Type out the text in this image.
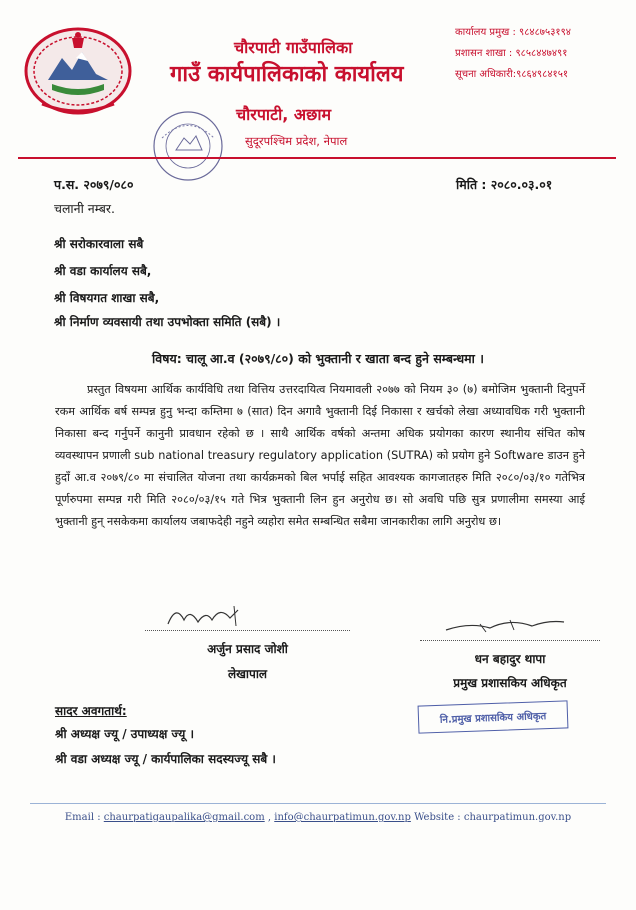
चौरपाटी गाउँपालिका
गाउँ कार्यपालिकाको कार्यालय
चौरपाटी, अछाम
सुदूरपश्चिम प्रदेश, नेपाल
कार्यालय प्रमुख : ९८४८७५३१९४
प्रशासन शाखा : ९८५८४४७४९१
सूचना अधिकारी:९८६४९८४१५१
प.स. २०७९/०८०
चलानी नम्बर.
मिति : २०८०.०३.०१
श्री सरोकारवाला सबै
श्री वडा कार्यालय सबै,
श्री विषयगत शाखा सबै,
श्री निर्माण व्यवसायी तथा उपभोक्ता समिति (सबै) ।
विषय: चालू आ.व (२०७९/८०) को भुक्तानी र खाता बन्द हुने सम्बन्धमा ।

प्रस्तुत विषयमा आर्थिक कार्यविधि तथा वित्तिय उत्तरदायित्व नियमावली २०७७ को नियम ३० (७) बमोजिम भुक्तानी दिनुपर्ने रकम आर्थिक बर्ष सम्पन्न हुनु भन्दा कम्तिमा ७ (सात) दिन अगावै भुक्तानी दिई निकासा र खर्चको लेखा अध्यावधिक गरी भुक्तानी निकासा बन्द गर्नुपर्ने कानुनी प्रावधान रहेको छ । साथै आर्थिक वर्षको अन्तमा अधिक प्रयोगका कारण स्थानीय संचित कोष व्यवस्थापन प्रणाली sub national treasury regulatory application (SUTRA) को प्रयोग हुने Software डाउन हुने हुदाँ आ.व २०७९/८० मा संचालित योजना तथा कार्यक्रमको बिल भर्पाई सहित आवश्यक कागजातहरु मिति २०८०/०३/१० गतेभित्र पूर्णरुपमा सम्पन्न गरी मिति २०८०/०३/१५ गते भित्र भुक्तानी लिन हुन अनुरोध छ। सो अवधि पछि सुत्र प्रणालीमा समस्या आई भुक्तानी हुन् नसकेकमा कार्यालय जबाफदेही नहुने व्यहोरा समेत सम्बन्धित सबैमा जानकारीका लागि अनुरोध छ।

अर्जुन प्रसाद जोशी
लेखापाल
धन बहादुर थापा
प्रमुख प्रशासकिय अधिकृत
नि.प्रमुख प्रशासकिय अधिकृत
सादर अवगतार्थ:
श्री अध्यक्ष ज्यू / उपाध्यक्ष ज्यू ।
श्री वडा अध्यक्ष ज्यू / कार्यपालिका सदस्यज्यू सबै ।
Email : chaurpatigaupalika@gmail.com , info@chaurpatimun.gov.np Website : chaurpatimun.gov.np
